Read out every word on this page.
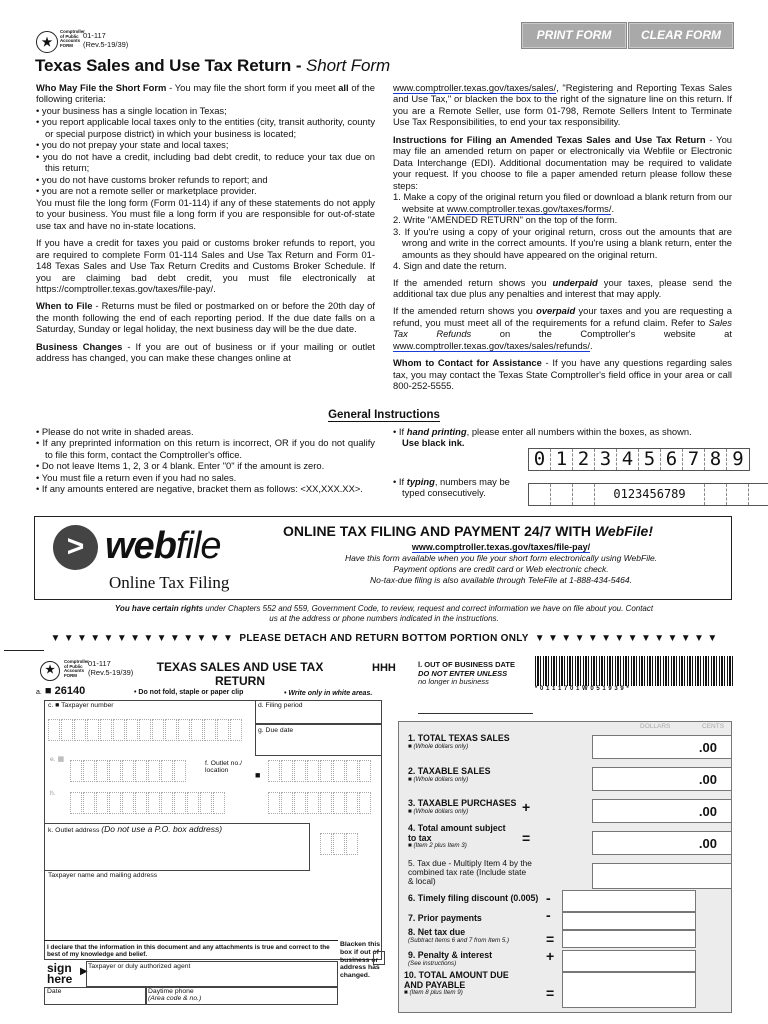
★
Comptroller of Public Accounts FORM
01-117
(Rev.5-19/39)
PRINT FORM	CLEAR FORM
Texas Sales and Use Tax Return - Short Form

Who May File the Short Form - You may file the short form if you meet all of the following criteria:

• your business has a single location in Texas;
• you report applicable local taxes only to the entities (city, transit authority, county or special purpose district) in which your business is located;
• you do not prepay your state and local taxes;
• you do not have a credit, including bad debt credit, to reduce your tax due on this return;
• you do not have customs broker refunds to report; and
• you are not a remote seller or marketplace provider.

You must file the long form (Form 01-114) if any of these statements do not apply to your business. You must file a long form if you are responsible for out-of-state use tax and have no in-state locations.

If you have a credit for taxes you paid or customs broker refunds to report, you are required to complete Form 01-114 Sales and Use Tax Return and Form 01-148 Texas Sales and Use Tax Return Credits and Customs Broker Schedule. If you are claiming bad debt credit, you must file electronically at https://comptroller.texas.gov/taxes/file-pay/.

When to File - Returns must be filed or postmarked on or before the 20th day of the month following the end of each reporting period. If the due date falls on a Saturday, Sunday or legal holiday, the next business day will be the due date.

Business Changes - If you are out of business or if your mailing or outlet address has changed, you can make these changes online at

www.comptroller.texas.gov/taxes/sales/, "Registering and Reporting Texas Sales and Use Tax," or blacken the box to the right of the signature line on this return. If you are a Remote Seller, use form 01-798, Remote Sellers Intent to Terminate Use Tax Responsibilities, to end your tax responsibility.

Instructions for Filing an Amended Texas Sales and Use Tax Return - You may file an amended return on paper or electronically via Webfile or Electronic Data Interchange (EDI). Additional documentation may be required to validate your request. If you choose to file a paper amended return please follow these steps:

1. Make a copy of the original return you filed or download a blank return from our website at www.comptroller.texas.gov/taxes/forms/.
2. Write "AMENDED RETURN" on the top of the form.
3. If you're using a copy of your original return, cross out the amounts that are wrong and write in the correct amounts. If you're using a blank return, enter the amounts as they should have appeared on the original return.
4. Sign and date the return.

If the amended return shows you underpaid your taxes, please send the additional tax due plus any penalties and interest that may apply.

If the amended return shows you overpaid your taxes and you are requesting a refund, you must meet all of the requirements for a refund claim. Refer to Sales Tax Refunds on the Comptroller's website at www.comptroller.texas.gov/taxes/sales/refunds/.

Whom to Contact for Assistance - If you have any questions regarding sales tax, you may contact the Texas State Comptroller's field office in your area or call 800-252-5555.

General Instructions
• Please do not write in shaded areas.
• If any preprinted information on this return is incorrect, OR if you do not qualify to file this form, contact the Comptroller's office.
• Do not leave Items 1, 2, 3 or 4 blank. Enter "0" if the amount is zero.
• You must file a return even if you had no sales.
• If any amounts entered are negative, bracket them as follows: <XX,XXX.XX>.
• If hand printing, please enter all numbers within the boxes, as shown.
Use black ink.
0 1 2 3 4 5 6 7 8 9
• If typing, numbers may be typed consecutively.	0123456789
> webfile
Online Tax Filing
ONLINE TAX FILING AND PAYMENT 24/7 WITH WebFile!
www.comptroller.texas.gov/taxes/file-pay/
Have this form available when you file your short form electronically using WebFile.
Payment options are credit card or Web electronic check.
No-tax-due filing is also available through TeleFile at 1-888-434-5464.
You have certain rights under Chapters 552 and 559, Government Code, to review, request and correct information we have on file about you. Contact us at the address or phone numbers indicated in the instructions.
▼ ▼ ▼ ▼ ▼ ▼ ▼ ▼ ▼ ▼ ▼ ▼ ▼ ▼ PLEASE DETACH AND RETURN BOTTOM PORTION ONLY ▼ ▼ ▼ ▼ ▼ ▼ ▼ ▼ ▼ ▼ ▼ ▼ ▼ ▼
★
Comptroller of Public Accounts FORM
01-117
(Rev.5-19/39)	TEXAS SALES AND USE TAX RETURN
HHH	l. OUT OF BUSINESS DATE
DO NOT ENTER UNLESS
no longer in business
* 0 1 1 1 7 0 1 W 0 5 1 9 3 9 *
a. ■ 26140	• Do not fold, staple or paper clip	• Write only in white areas.
c. ■ Taxpayer number	d. Filing period
g. Due date
e. ▦
f. Outlet no./ location	■
h.
k. Outlet address (Do not use a P.O. box address)
Taxpayer name and mailing address
I declare that the information in this document and any attachments is true and correct to the best of my knowledge and belief.
sign
here
▶ Taxpayer or duly authorized agent
Date	Daytime phone
(Area code & no.)
Blacken this box if out of business or address has changed.
DOLLARS	CENTS
1. TOTAL TEXAS SALES
■ (Whole dollars only)	.00
2. TAXABLE SALES
■ (Whole dollars only)	.00
3. TAXABLE PURCHASES
■ (Whole dollars only)	+	.00
4. Total amount subject to tax
■ (Item 2 plus Item 3)	=	.00
5. Tax due - Multiply Item 4 by the combined tax rate (Include state & local)
6. Timely filing discount (0.005) -
7. Prior payments	-
8. Net tax due
(Subtract Items 6 and 7 from Item 5.)	=
9. Penalty & interest
(See instructions)	+
10. TOTAL AMOUNT DUE AND PAYABLE
■ (Item 8 plus Item 9)	=
